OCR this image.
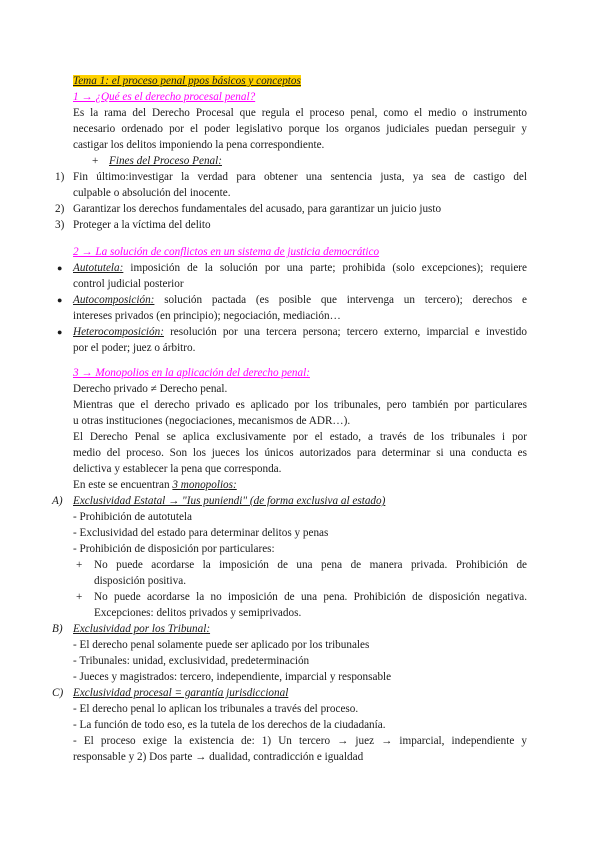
Tema 1: el proceso penal ppos básicos y conceptos
1 → ¿Qué es el derecho procesal penal?
Es la rama del Derecho Procesal que regula el proceso penal, como el medio o instrumento
necesario ordenado por el poder legislativo porque los organos judiciales puedan perseguir y
castigar los delitos imponiendo la pena correspondiente.
+ Fines del Proceso Penal:
1) Fin último:investigar la verdad para obtener una sentencia justa, ya sea de castigo del
culpable o absolución del inocente.
2) Garantizar los derechos fundamentales del acusado, para garantizar un juicio justo
3) Proteger a la víctima del delito
2 → La solución de conflictos en un sistema de justicia democrático
● Autotutela: imposición de la solución por una parte; prohibida (solo excepciones); requiere
control judicial posterior
● Autocomposición: solución pactada (es posible que intervenga un tercero); derechos e
intereses privados (en principio); negociación, mediación…
● Heterocomposición: resolución por una tercera persona; tercero externo, imparcial e investido
por el poder; juez o árbitro.
3 → Monopolios en la aplicación del derecho penal:
Derecho privado ≠ Derecho penal.
Mientras que el derecho privado es aplicado por los tribunales, pero también por particulares
u otras instituciones (negociaciones, mecanismos de ADR…).
El Derecho Penal se aplica exclusivamente por el estado, a través de los tribunales i por
medio del proceso. Son los jueces los únicos autorizados para determinar si una conducta es
delictiva y establecer la pena que corresponda.
En este se encuentran 3 monopolios:
A) Exclusividad Estatal → "Ius puniendi" (de forma exclusiva al estado)
- Prohibición de autotutela
- Exclusividad del estado para determinar delitos y penas
- Prohibición de disposición por particulares:
+ No puede acordarse la imposición de una pena de manera privada. Prohibición de
disposición positiva.
+ No puede acordarse la no imposición de una pena. Prohibición de disposición negativa.
Excepciones: delitos privados y semiprivados.
B) Exclusividad por los Tribunal:
- El derecho penal solamente puede ser aplicado por los tribunales
- Tribunales: unidad, exclusividad, predeterminación
- Jueces y magistrados: tercero, independiente, imparcial y responsable
C) Exclusividad procesal = garantía jurisdiccional
- El derecho penal lo aplican los tribunales a través del proceso.
- La función de todo eso, es la tutela de los derechos de la ciudadanía.
- El proceso exige la existencia de: 1) Un tercero → juez → imparcial, independiente y
responsable y 2) Dos parte → dualidad, contradicción e igualdad
